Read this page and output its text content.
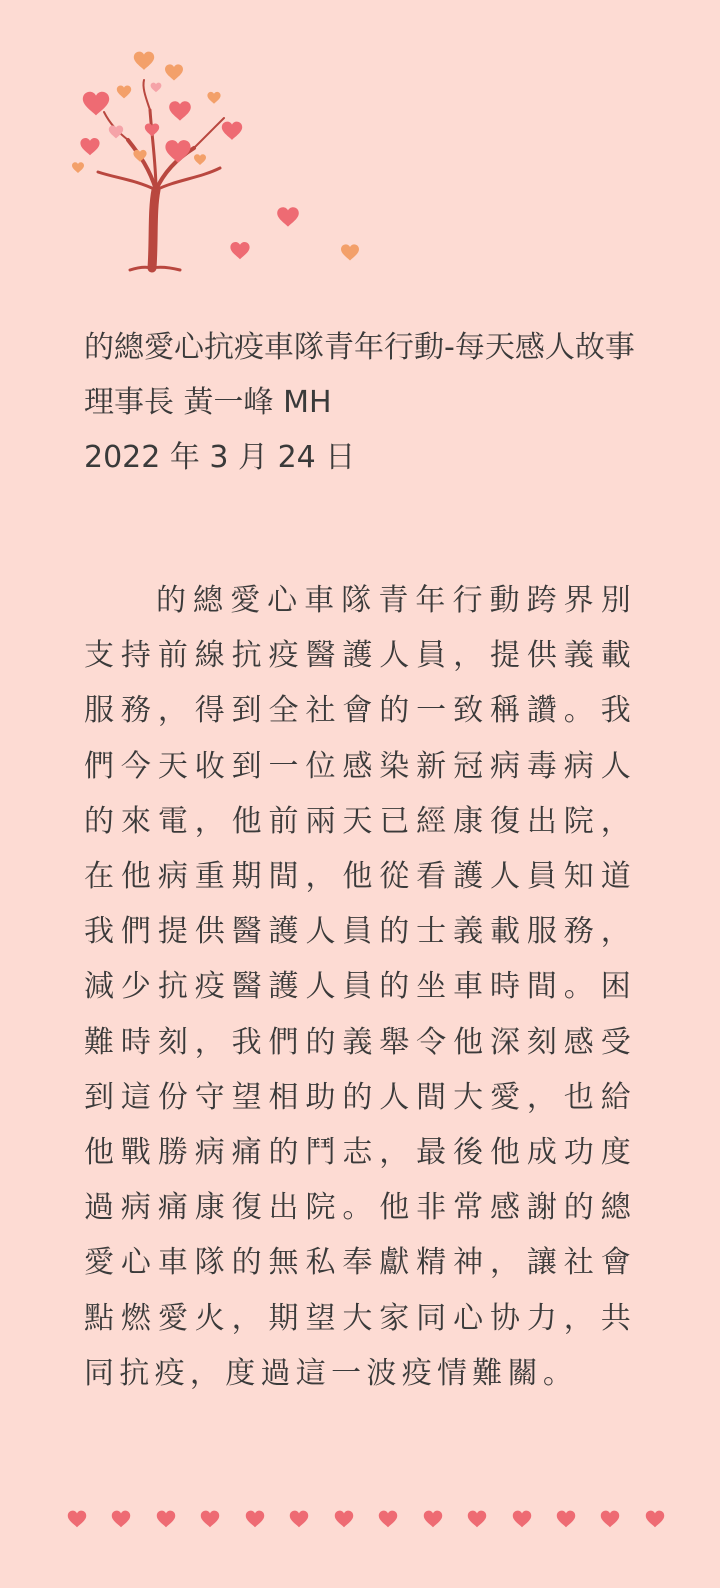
的總愛心抗疫車隊青年行動-每天感人故事
理事長 黃一峰 MH
2022 年 3 月 24 日
的總愛心車隊青年行動跨界別支持前線抗疫醫護人員，提供義載服務，得到全社會的一致稱讚。我們今天收到一位感染新冠病毒病人的來電，他前兩天已經康復出院，在他病重期間，他從看護人員知道我們提供醫護人員的士義載服務，減少抗疫醫護人員的坐車時間。困難時刻，我們的義舉令他深刻感受到這份守望相助的人間大愛，也給他戰勝病痛的鬥志，最後他成功度過病痛康復出院。他非常感謝的總愛心車隊的無私奉獻精神，讓社會點燃愛火，期望大家同心协力，共同抗疫，度過這一波疫情難關。
